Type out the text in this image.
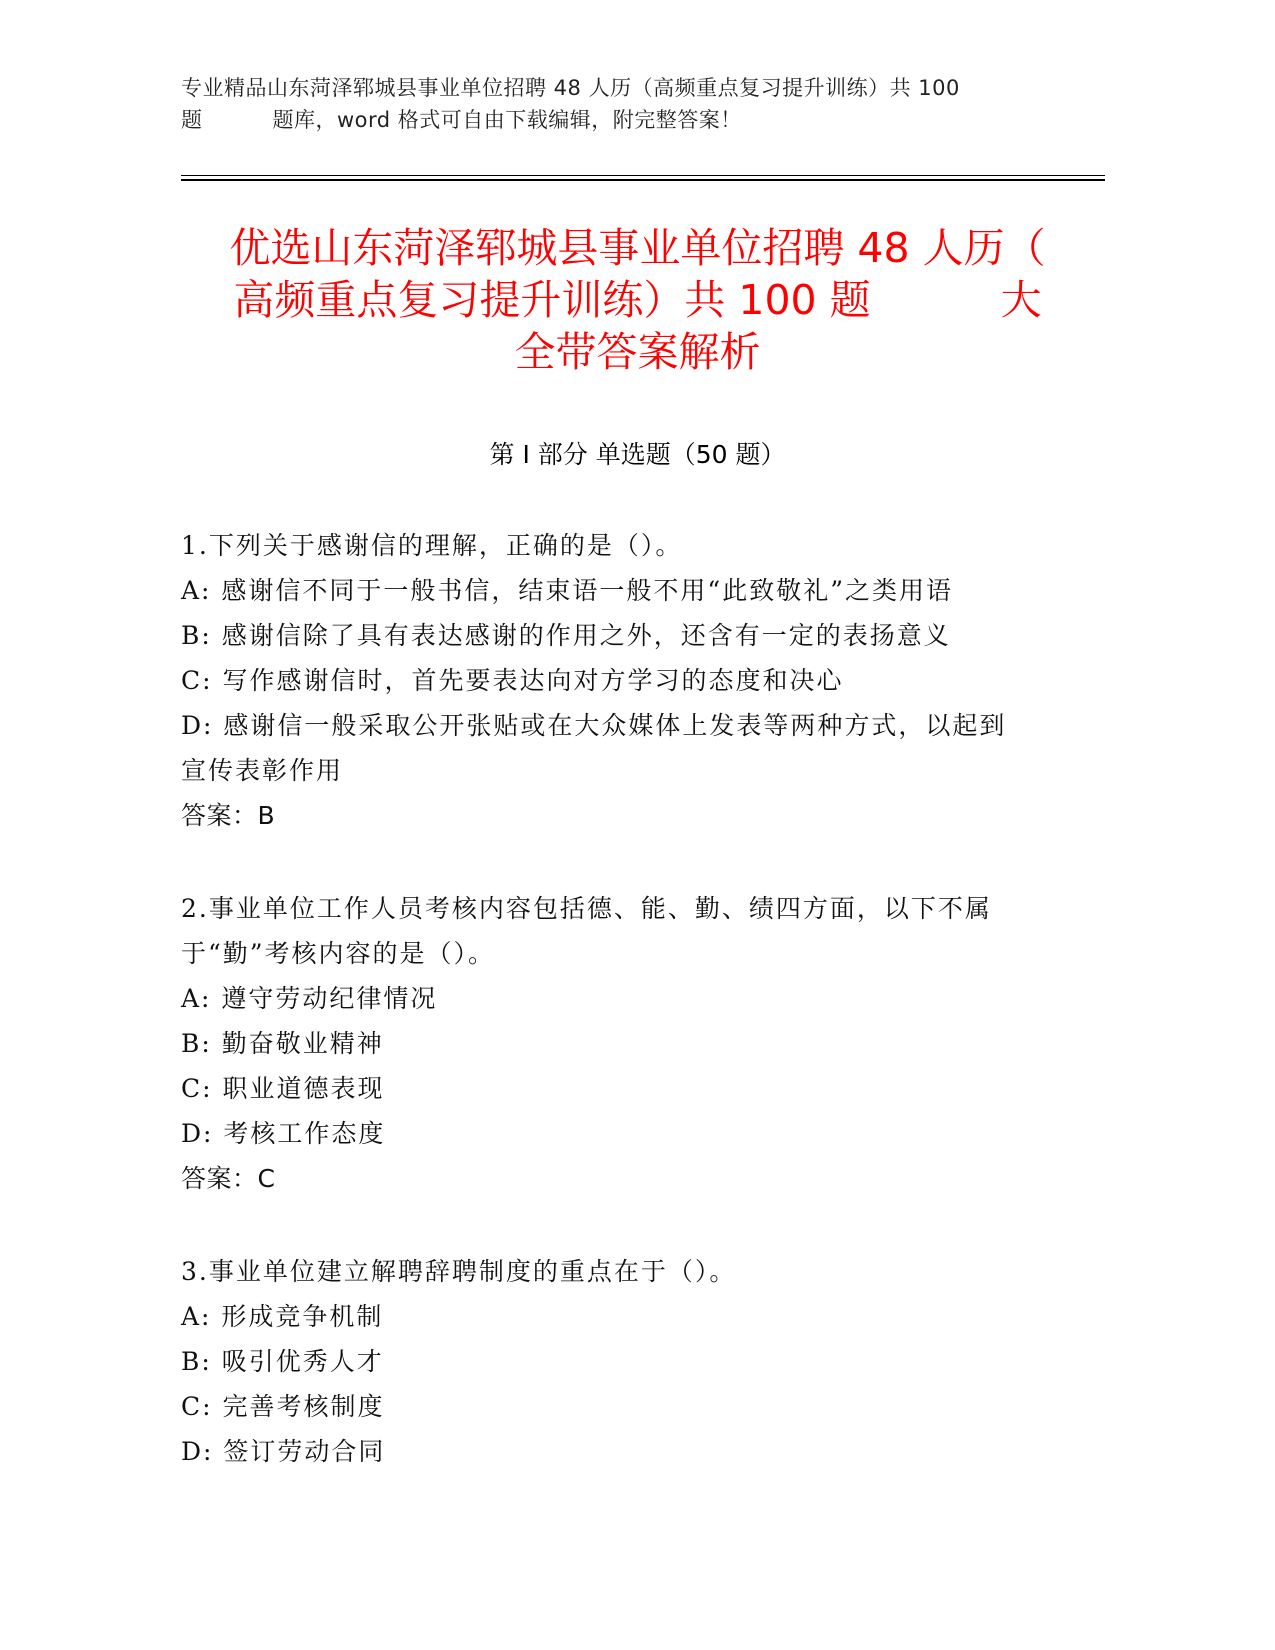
专业精品山东菏泽郓城县事业单位招聘 48 人历（高频重点复习提升训练）共 100
题	题库，word 格式可自由下载编辑，附完整答案！
优选山东菏泽郓城县事业单位招聘 48 人历（
高频重点复习提升训练）共 100 题	大
全带答案解析
第 I 部分 单选题（50 题）
1.下列关于感谢信的理解，正确的是（）。
A: 感谢信不同于一般书信，结束语一般不用“此致敬礼”之类用语
B: 感谢信除了具有表达感谢的作用之外，还含有一定的表扬意义
C: 写作感谢信时，首先要表达向对方学习的态度和决心
D: 感谢信一般采取公开张贴或在大众媒体上发表等两种方式，以起到
宣传表彰作用
答案：B
2.事业单位工作人员考核内容包括德、能、勤、绩四方面，以下不属
于“勤”考核内容的是（）。
A: 遵守劳动纪律情况
B: 勤奋敬业精神
C: 职业道德表现
D: 考核工作态度
答案：C
3.事业单位建立解聘辞聘制度的重点在于（）。
A: 形成竞争机制
B: 吸引优秀人才
C: 完善考核制度
D: 签订劳动合同
